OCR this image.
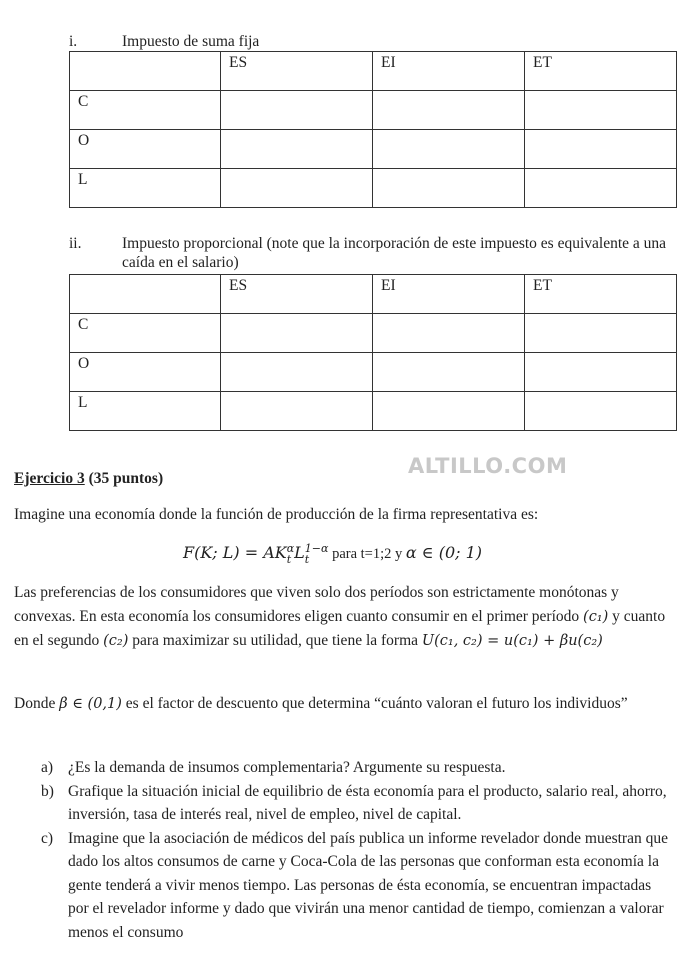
i.	Impuesto de suma fija
	ES	EI	ET
C			
O			
L			
ii.	Impuesto proporcional (note que la incorporación de este impuesto es equivalente a una caída en el salario)
	ES	EI	ET
C			
O			
L			
ALTILLO.COM
Ejercicio 3 (35 puntos)
Imagine una economía donde la función de producción de la firma representativa es:
F(K; L) = AK α
t L 1−α
t	para t=1;2 y α ∈ (0; 1)
Las preferencias de los consumidores que viven solo dos períodos son estrictamente monótonas y convexas. En esta economía los consumidores eligen cuanto consumir en el primer período (c₁) y cuanto en el segundo (c₂) para maximizar su utilidad, que tiene la forma U(c₁, c₂) = u(c₁) + βu(c₂)
Donde β ∈ (0,1) es el factor de descuento que determina “cuánto valoran el futuro los individuos”
a) ¿Es la demanda de insumos complementaria? Argumente su respuesta.
b) Grafique la situación inicial de equilibrio de ésta economía para el producto, salario real, ahorro, inversión, tasa de interés real, nivel de empleo, nivel de capital.
c) Imagine que la asociación de médicos del país publica un informe revelador donde muestran que dado los altos consumos de carne y Coca-Cola de las personas que conforman esta economía la gente tenderá a vivir menos tiempo. Las personas de ésta economía, se encuentran impactadas por el revelador informe y dado que vivirán una menor cantidad de tiempo, comienzan a valorar menos el consumo
